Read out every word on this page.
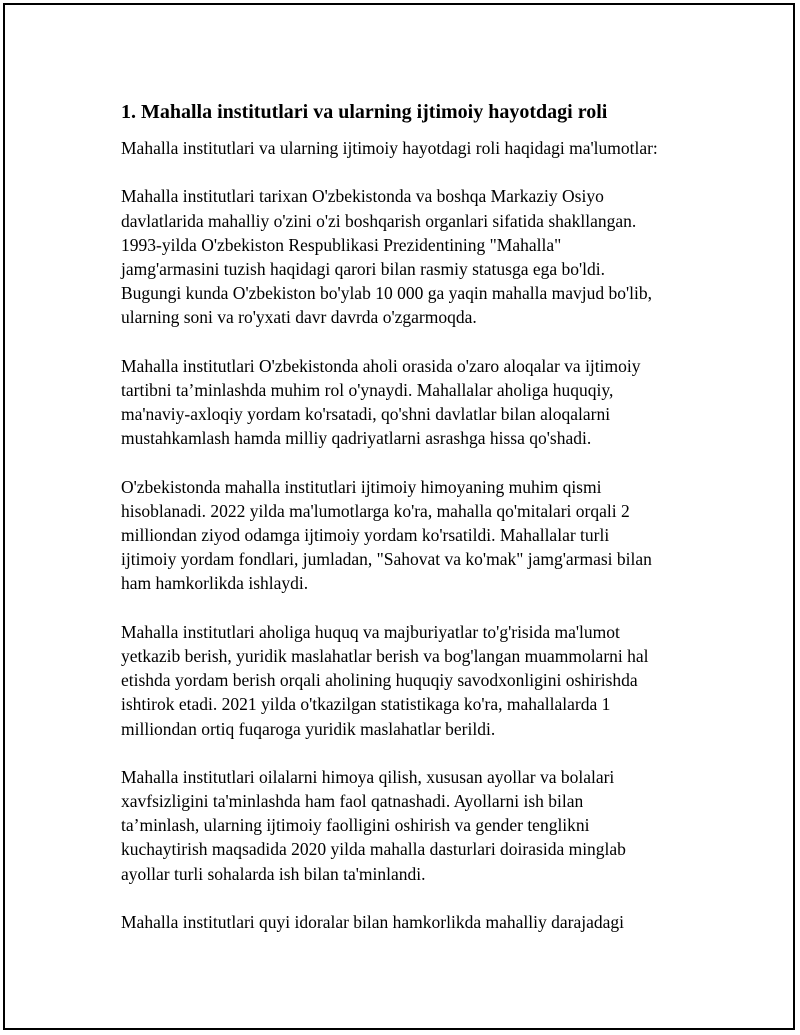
1. Mahalla institutlari va ularning ijtimoiy hayotdagi roli
Mahalla institutlari va ularning ijtimoiy hayotdagi roli haqidagi ma'lumotlar:
Mahalla institutlari tarixan O'zbekistonda va boshqa Markaziy Osiyo
davlatlarida mahalliy o'zini o'zi boshqarish organlari sifatida shakllangan.
1993-yilda O'zbekiston Respublikasi Prezidentining "Mahalla"
jamg'armasini tuzish haqidagi qarori bilan rasmiy statusga ega bo'ldi.
Bugungi kunda O'zbekiston bo'ylab 10 000 ga yaqin mahalla mavjud bo'lib,
ularning soni va ro'yxati davr davrda o'zgarmoqda.
Mahalla institutlari O'zbekistonda aholi orasida o'zaro aloqalar va ijtimoiy
tartibni ta’minlashda muhim rol o'ynaydi. Mahallalar aholiga huquqiy,
ma'naviy-axloqiy yordam ko'rsatadi, qo'shni davlatlar bilan aloqalarni
mustahkamlash hamda milliy qadriyatlarni asrashga hissa qo'shadi.
O'zbekistonda mahalla institutlari ijtimoiy himoyaning muhim qismi
hisoblanadi. 2022 yilda ma'lumotlarga ko'ra, mahalla qo'mitalari orqali 2
milliondan ziyod odamga ijtimoiy yordam ko'rsatildi. Mahallalar turli
ijtimoiy yordam fondlari, jumladan, "Sahovat va ko'mak" jamg'armasi bilan
ham hamkorlikda ishlaydi.
Mahalla institutlari aholiga huquq va majburiyatlar to'g'risida ma'lumot
yetkazib berish, yuridik maslahatlar berish va bog'langan muammolarni hal
etishda yordam berish orqali aholining huquqiy savodxonligini oshirishda
ishtirok etadi. 2021 yilda o'tkazilgan statistikaga ko'ra, mahallalarda 1
milliondan ortiq fuqaroga yuridik maslahatlar berildi.
Mahalla institutlari oilalarni himoya qilish, xususan ayollar va bolalari
xavfsizligini ta'minlashda ham faol qatnashadi. Ayollarni ish bilan
ta’minlash, ularning ijtimoiy faolligini oshirish va gender tenglikni
kuchaytirish maqsadida 2020 yilda mahalla dasturlari doirasida minglab
ayollar turli sohalarda ish bilan ta'minlandi.
Mahalla institutlari quyi idoralar bilan hamkorlikda mahalliy darajadagi
